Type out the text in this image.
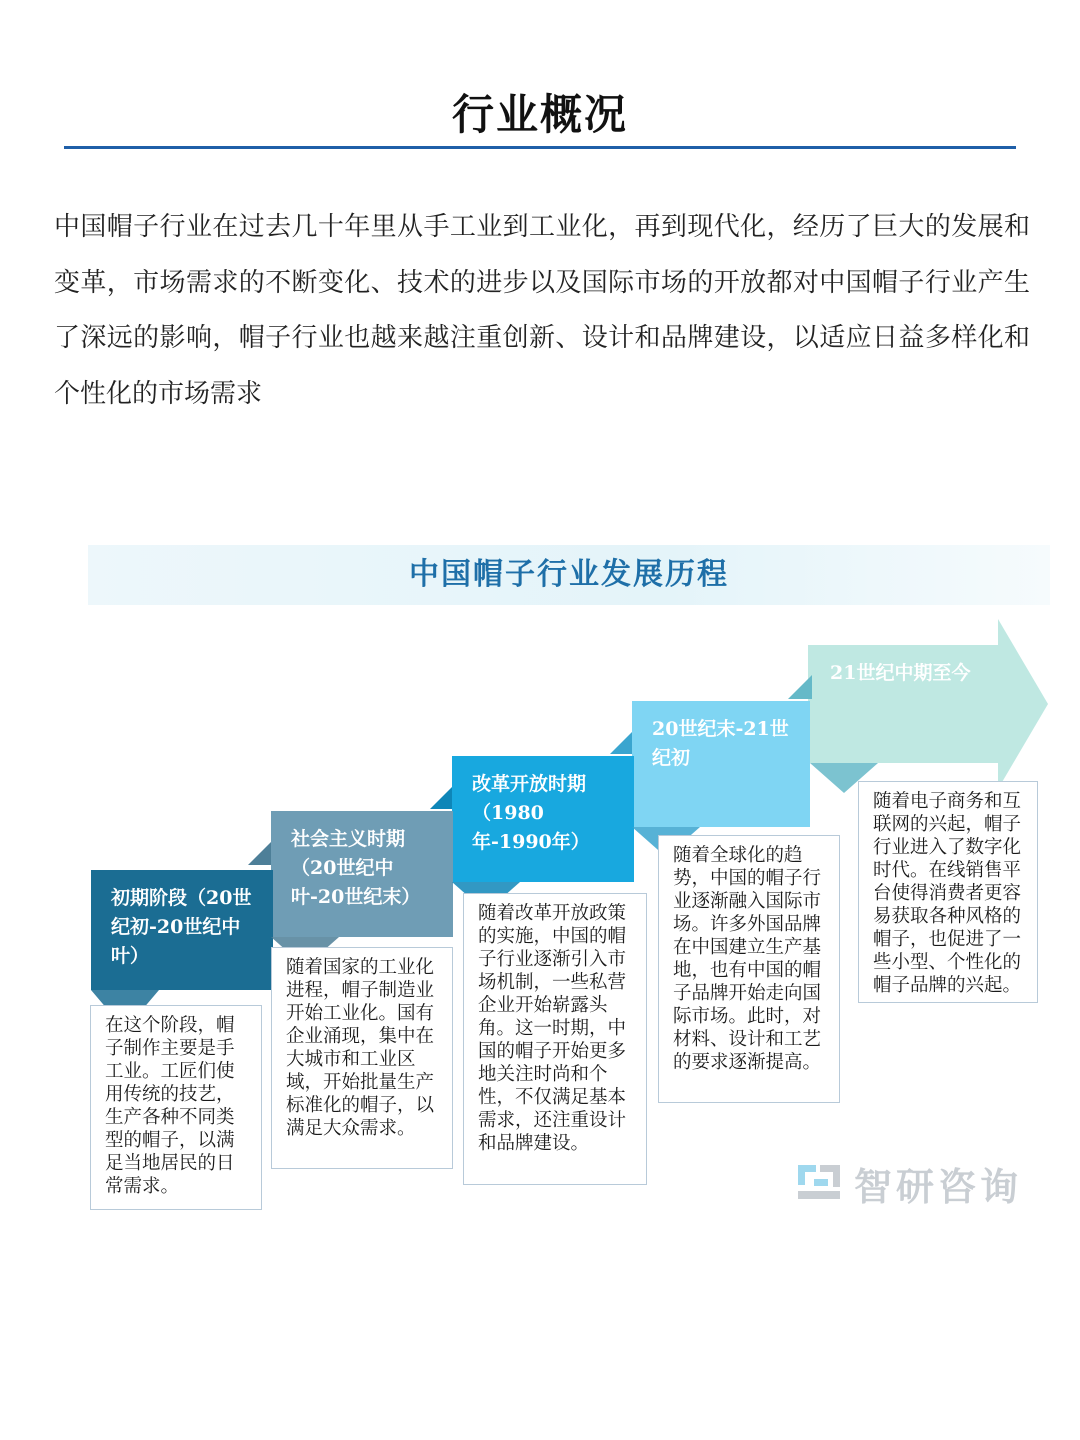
行业概况
中国帽子行业在过去几十年里从手工业到工业化，再到现代化，经历了巨大的发展和变革，市场需求的不断变化、技术的进步以及国际市场的开放都对中国帽子行业产生了深远的影响，帽子行业也越来越注重创新、设计和品牌建设，以适应日益多样化和个性化的市场需求
中国帽子行业发展历程
21世纪中期至今
20世纪末-21世纪初
改革开放时期（1980年-1990年）
社会主义时期（20世纪中叶-20世纪末）
初期阶段（20世纪初-20世纪中叶）
在这个阶段，帽子制作主要是手工业。工匠们使用传统的技艺，生产各种不同类型的帽子，以满足当地居民的日常需求。
随着国家的工业化进程，帽子制造业开始工业化。国有企业涌现，集中在大城市和工业区域，开始批量生产标准化的帽子，以满足大众需求。
随着改革开放政策的实施，中国的帽子行业逐渐引入市场机制，一些私营企业开始崭露头角。这一时期，中国的帽子开始更多地关注时尚和个性，不仅满足基本需求，还注重设计和品牌建设。
随着全球化的趋势，中国的帽子行业逐渐融入国际市场。许多外国品牌在中国建立生产基地，也有中国的帽子品牌开始走向国际市场。此时，对材料、设计和工艺的要求逐渐提高。
随着电子商务和互联网的兴起，帽子行业进入了数字化时代。在线销售平台使得消费者更容易获取各种风格的帽子，也促进了一些小型、个性化的帽子品牌的兴起。
智研咨询
